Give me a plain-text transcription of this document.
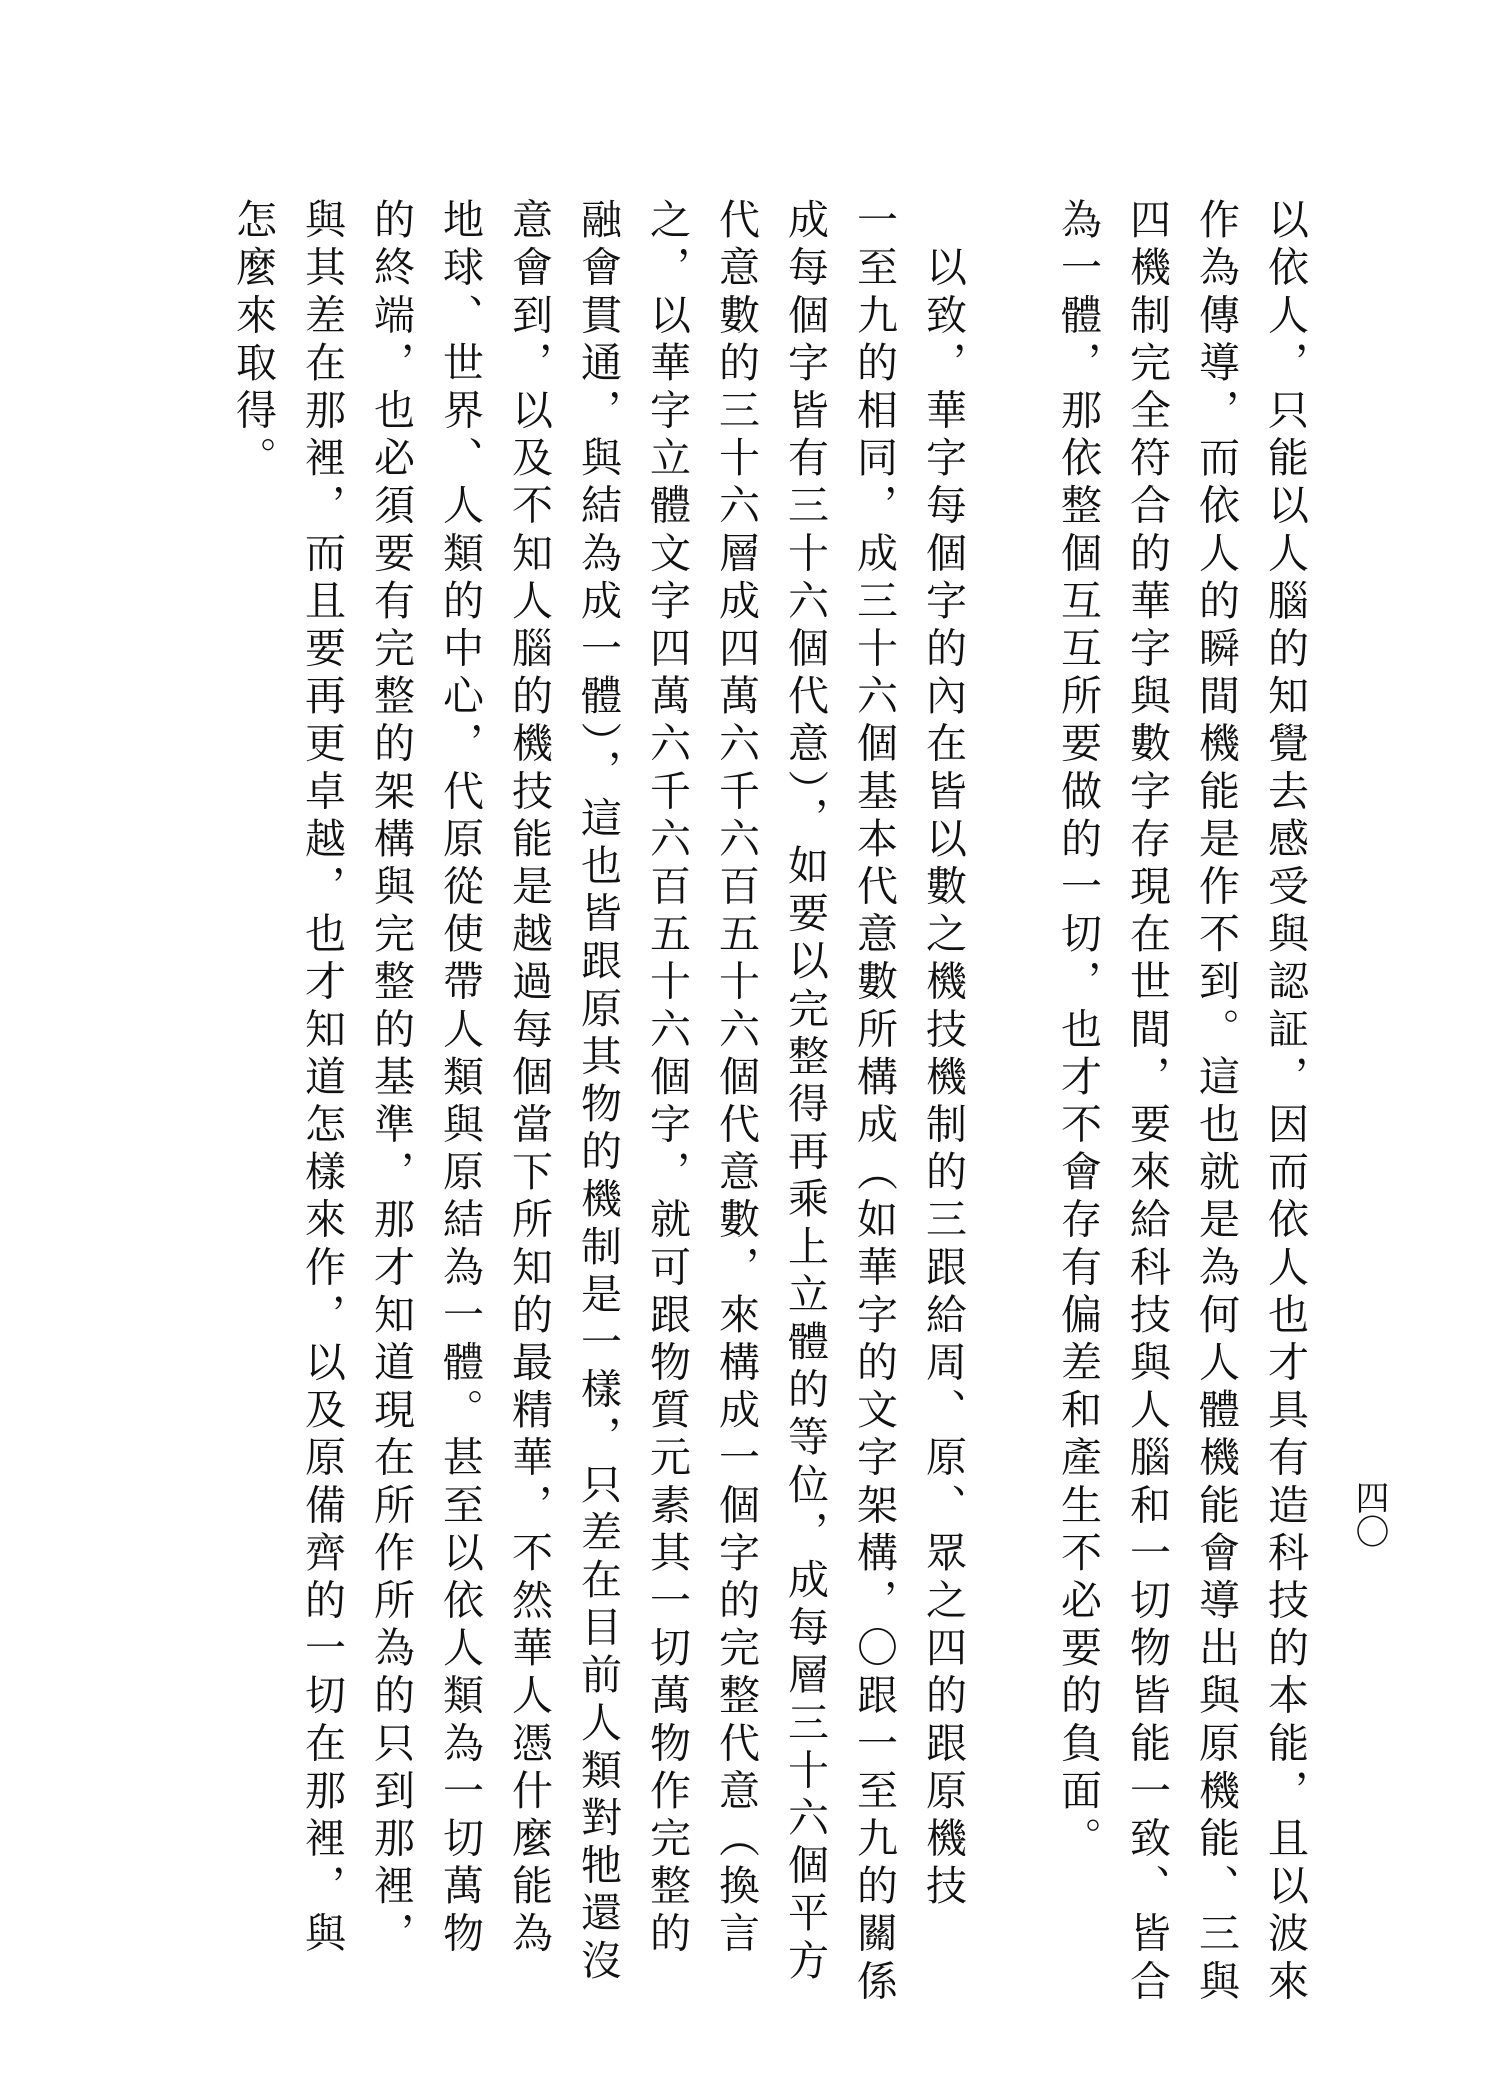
四〇
以依人，只能以人腦的知覺去感受與認証，因而依人也才具有造科技的本能，且以波來
作為傳導，而依人的瞬間機能是作不到。這也就是為何人體機能會導出與原機能、三與
四機制完全符合的華字與數字存現在世間，要來給科技與人腦和一切物皆能一致、皆合
為一體，那依整個互互所要做的一切，也才不會存有偏差和產生不必要的負面。
　以致，華字每個字的內在皆以數之機技機制的三跟給周、原、眾之四的跟原機技
一至九的相同，成三十六個基本代意數所構成（如華字的文字架構，〇跟一至九的關係
成每個字皆有三十六個代意），如要以完整得再乘上立體的等位，成每層三十六個平方
代意數的三十六層成四萬六千六百五十六個代意數，來構成一個字的完整代意（換言
之，以華字立體文字四萬六千六百五十六個字，就可跟物質元素其一切萬物作完整的
融會貫通，與結為成一體），這也皆跟原其物的機制是一樣，只差在目前人類對牠還沒
意會到，以及不知人腦的機技能是越過每個當下所知的最精華，不然華人憑什麼能為
地球、世界、人類的中心，代原從使帶人類與原結為一體。甚至以依人類為一切萬物
的終端，也必須要有完整的架構與完整的基準，那才知道現在所作所為的只到那裡，
與其差在那裡，而且要再更卓越，也才知道怎樣來作，以及原備齊的一切在那裡，與
怎麼來取得。
